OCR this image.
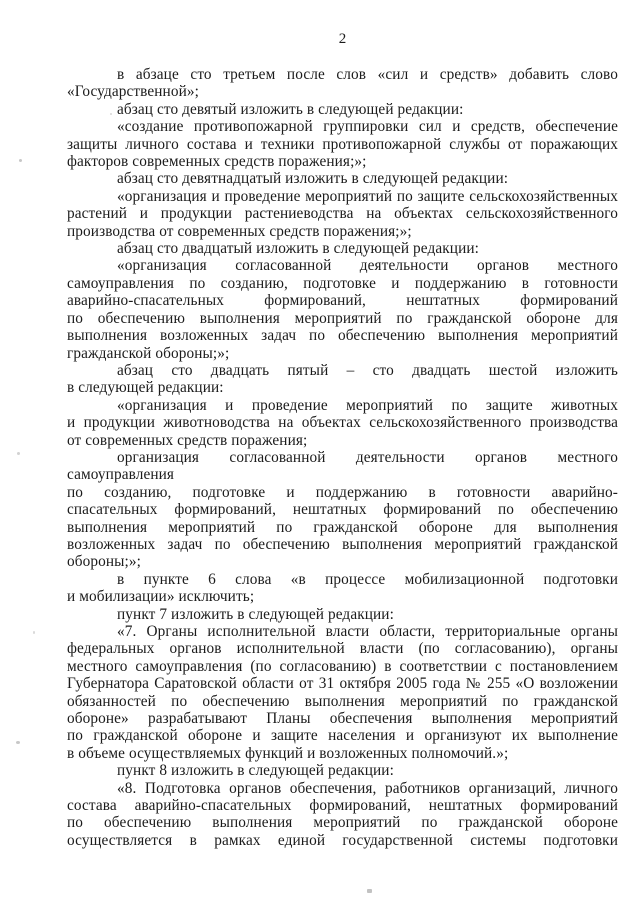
2
в абзаце сто третьем после слов «сил и средств» добавить слово
«Государственной»;
абзац сто девятый изложить в следующей редакции:
«создание противопожарной группировки сил и средств, обеспечение
защиты личного состава и техники противопожарной службы от поражающих
факторов современных средств поражения;»;
абзац сто девятнадцатый изложить в следующей редакции:
«организация и проведение мероприятий по защите сельскохозяйственных
растений и продукции растениеводства на объектах сельскохозяйственного
производства от современных средств поражения;»;
абзац сто двадцатый изложить в следующей редакции:
«организация согласованной деятельности органов местного
самоуправления по созданию, подготовке и поддержанию в готовности
аварийно-спасательных формирований, нештатных формирований
по обеспечению выполнения мероприятий по гражданской обороне для
выполнения возложенных задач по обеспечению выполнения мероприятий
гражданской обороны;»;
абзац сто двадцать пятый – сто двадцать шестой изложить
в следующей редакции:
«организация и проведение мероприятий по защите животных
и продукции животноводства на объектах сельскохозяйственного производства
от современных средств поражения;
организация согласованной деятельности органов местного самоуправления
по созданию, подготовке и поддержанию в готовности аварийно-
спасательных формирований, нештатных формирований по обеспечению
выполнения мероприятий по гражданской обороне для выполнения
возложенных задач по обеспечению выполнения мероприятий гражданской
обороны;»;
в пункте 6 слова «в процессе мобилизационной подготовки
и мобилизации» исключить;
пункт 7 изложить в следующей редакции:
«7. Органы исполнительной власти области, территориальные органы
федеральных органов исполнительной власти (по согласованию), органы
местного самоуправления (по согласованию) в соответствии с постановлением
Губернатора Саратовской области от 31 октября 2005 года № 255 «О возложении
обязанностей по обеспечению выполнения мероприятий по гражданской
обороне» разрабатывают Планы обеспечения выполнения мероприятий
по гражданской обороне и защите населения и организуют их выполнение
в объеме осуществляемых функций и возложенных полномочий.»;
пункт 8 изложить в следующей редакции:
«8. Подготовка органов обеспечения, работников организаций, личного
состава аварийно-спасательных формирований, нештатных формирований
по обеспечению выполнения мероприятий по гражданской обороне
осуществляется в рамках единой государственной системы подготовки
